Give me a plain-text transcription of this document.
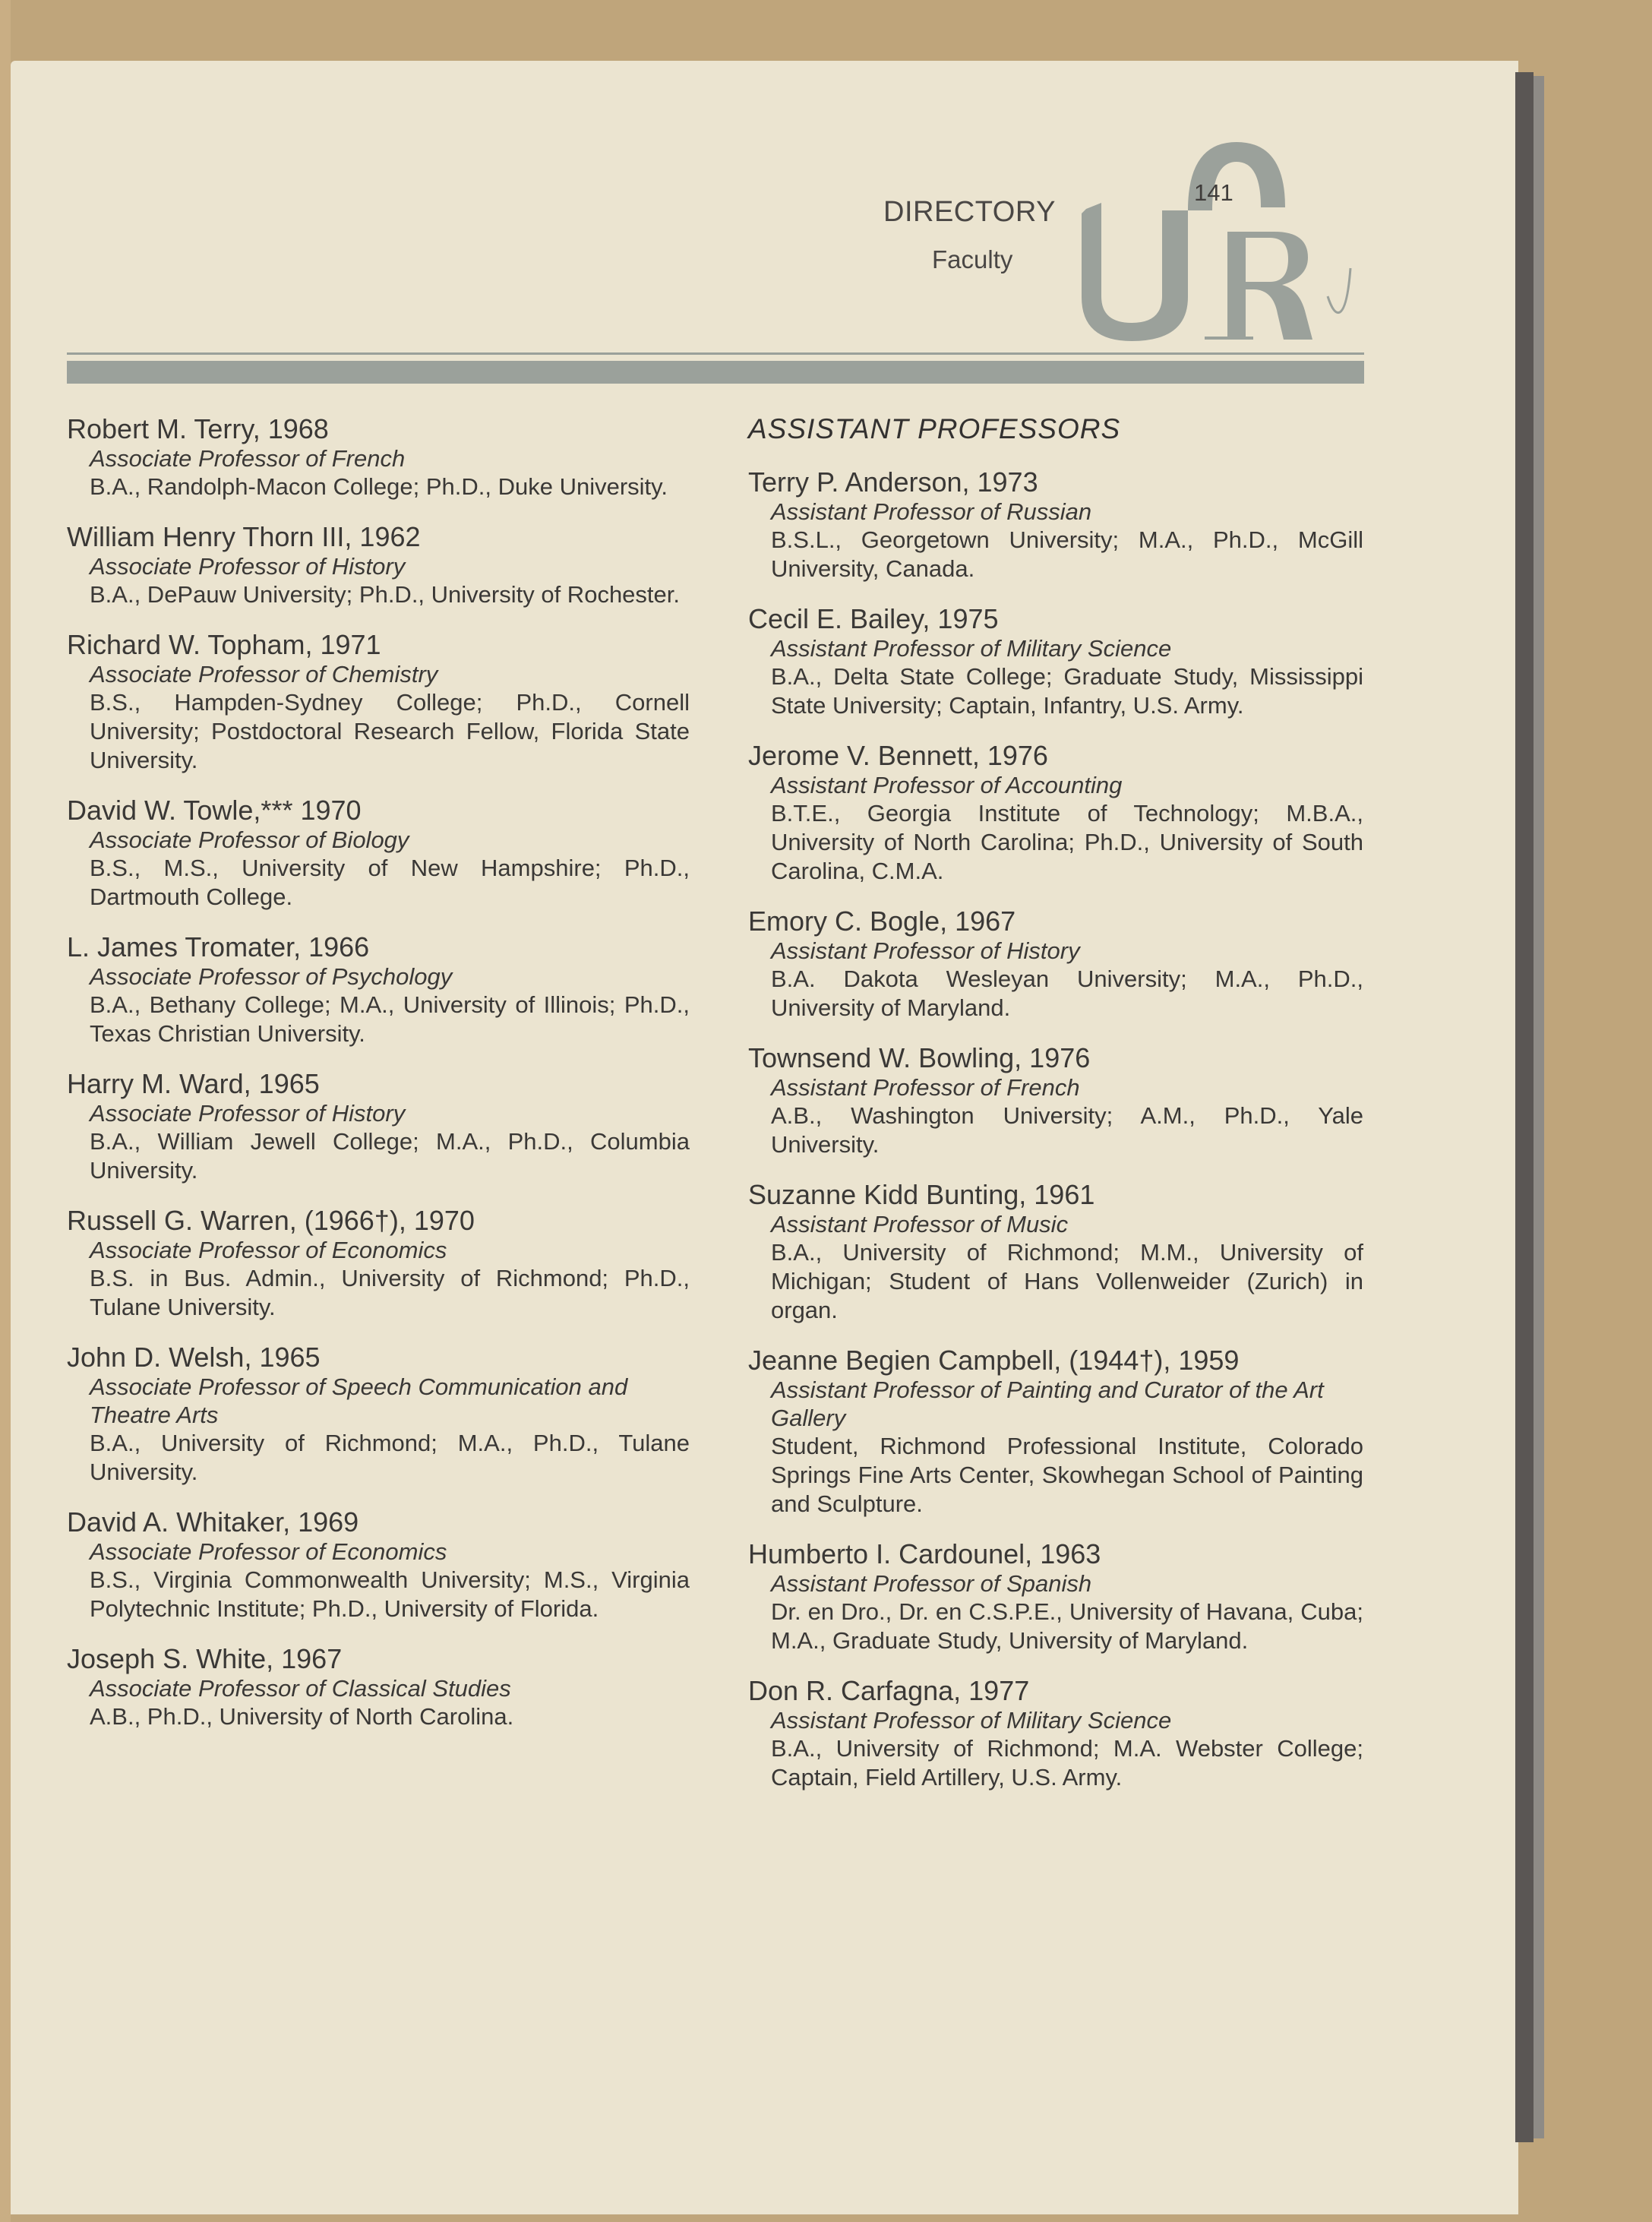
DIRECTORY
Faculty
141
Robert M. Terry, 1968
Associate Professor of French
B.A., Randolph-Macon College; Ph.D., Duke University.
William Henry Thorn III, 1962
Associate Professor of History
B.A., DePauw University; Ph.D., University of Rochester.
Richard W. Topham, 1971
Associate Professor of Chemistry
B.S., Hampden-Sydney College; Ph.D., Cornell University; Postdoctoral Research Fellow, Florida State University.
David W. Towle,*** 1970
Associate Professor of Biology
B.S., M.S., University of New Hampshire; Ph.D., Dartmouth College.
L. James Tromater, 1966
Associate Professor of Psychology
B.A., Bethany College; M.A., University of Illinois; Ph.D., Texas Christian University.
Harry M. Ward, 1965
Associate Professor of History
B.A., William Jewell College; M.A., Ph.D., Columbia University.
Russell G. Warren, (1966†), 1970
Associate Professor of Economics
B.S. in Bus. Admin., University of Richmond; Ph.D., Tulane University.
John D. Welsh, 1965
Associate Professor of Speech Communication and Theatre Arts
B.A., University of Richmond; M.A., Ph.D., Tulane University.
David A. Whitaker, 1969
Associate Professor of Economics
B.S., Virginia Commonwealth University; M.S., Virginia Polytechnic Institute; Ph.D., University of Florida.
Joseph S. White, 1967
Associate Professor of Classical Studies
A.B., Ph.D., University of North Carolina.
ASSISTANT PROFESSORS
Terry P. Anderson, 1973
Assistant Professor of Russian
B.S.L., Georgetown University; M.A., Ph.D., McGill University, Canada.
Cecil E. Bailey, 1975
Assistant Professor of Military Science
B.A., Delta State College; Graduate Study, Mississippi State University; Captain, Infantry, U.S. Army.
Jerome V. Bennett, 1976
Assistant Professor of Accounting
B.T.E., Georgia Institute of Technology; M.B.A., University of North Carolina; Ph.D., University of South Carolina, C.M.A.
Emory C. Bogle, 1967
Assistant Professor of History
B.A. Dakota Wesleyan University; M.A., Ph.D., University of Maryland.
Townsend W. Bowling, 1976
Assistant Professor of French
A.B., Washington University; A.M., Ph.D., Yale University.
Suzanne Kidd Bunting, 1961
Assistant Professor of Music
B.A., University of Richmond; M.M., University of Michigan; Student of Hans Vollenweider (Zurich) in organ.
Jeanne Begien Campbell, (1944†), 1959
Assistant Professor of Painting and Curator of the Art Gallery
Student, Richmond Professional Institute, Colorado Springs Fine Arts Center, Skowhegan School of Painting and Sculpture.
Humberto I. Cardounel, 1963
Assistant Professor of Spanish
Dr. en Dro., Dr. en C.S.P.E., University of Havana, Cuba; M.A., Graduate Study, University of Maryland.
Don R. Carfagna, 1977
Assistant Professor of Military Science
B.A., University of Richmond; M.A. Webster College; Captain, Field Artillery, U.S. Army.
